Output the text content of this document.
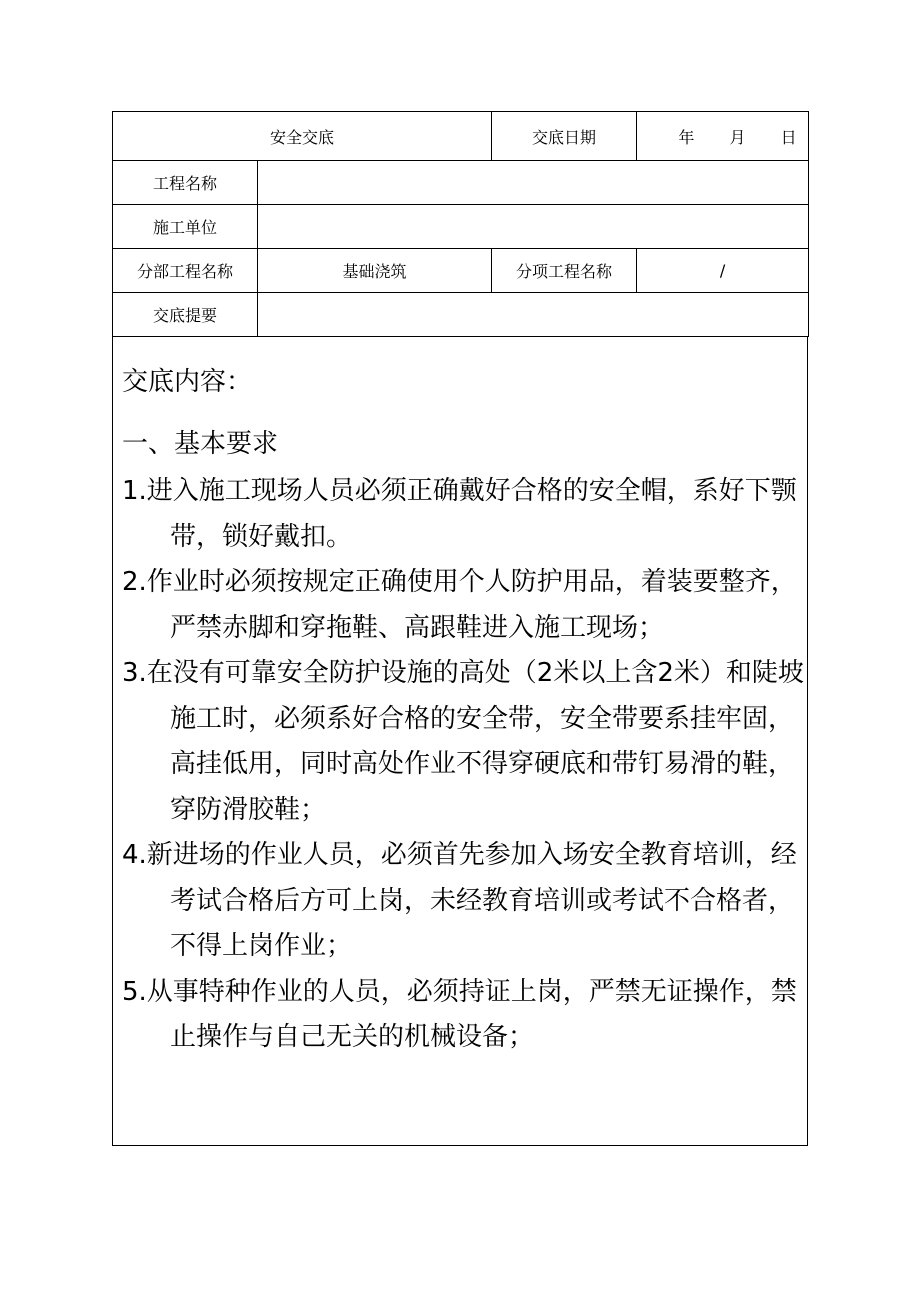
安全交底		交底日期	年 月 日
工程名称			
施工单位			
分部工程名称	基础浇筑	分项工程名称	/
交底提要			
交底内容：
一、基本要求
1.进入施工现场人员必须正确戴好合格的安全帽，系好下颚带，锁好戴扣。
2.作业时必须按规定正确使用个人防护用品，着装要整齐，严禁赤脚和穿拖鞋、高跟鞋进入施工现场；
3.在没有可靠安全防护设施的高处（2米以上含2米）和陡坡施工时，必须系好合格的安全带，安全带要系挂牢固，高挂低用，同时高处作业不得穿硬底和带钉易滑的鞋，穿防滑胶鞋；
4.新进场的作业人员，必须首先参加入场安全教育培训，经考试合格后方可上岗，未经教育培训或考试不合格者，不得上岗作业；
5.从事特种作业的人员，必须持证上岗，严禁无证操作，禁止操作与自己无关的机械设备；
